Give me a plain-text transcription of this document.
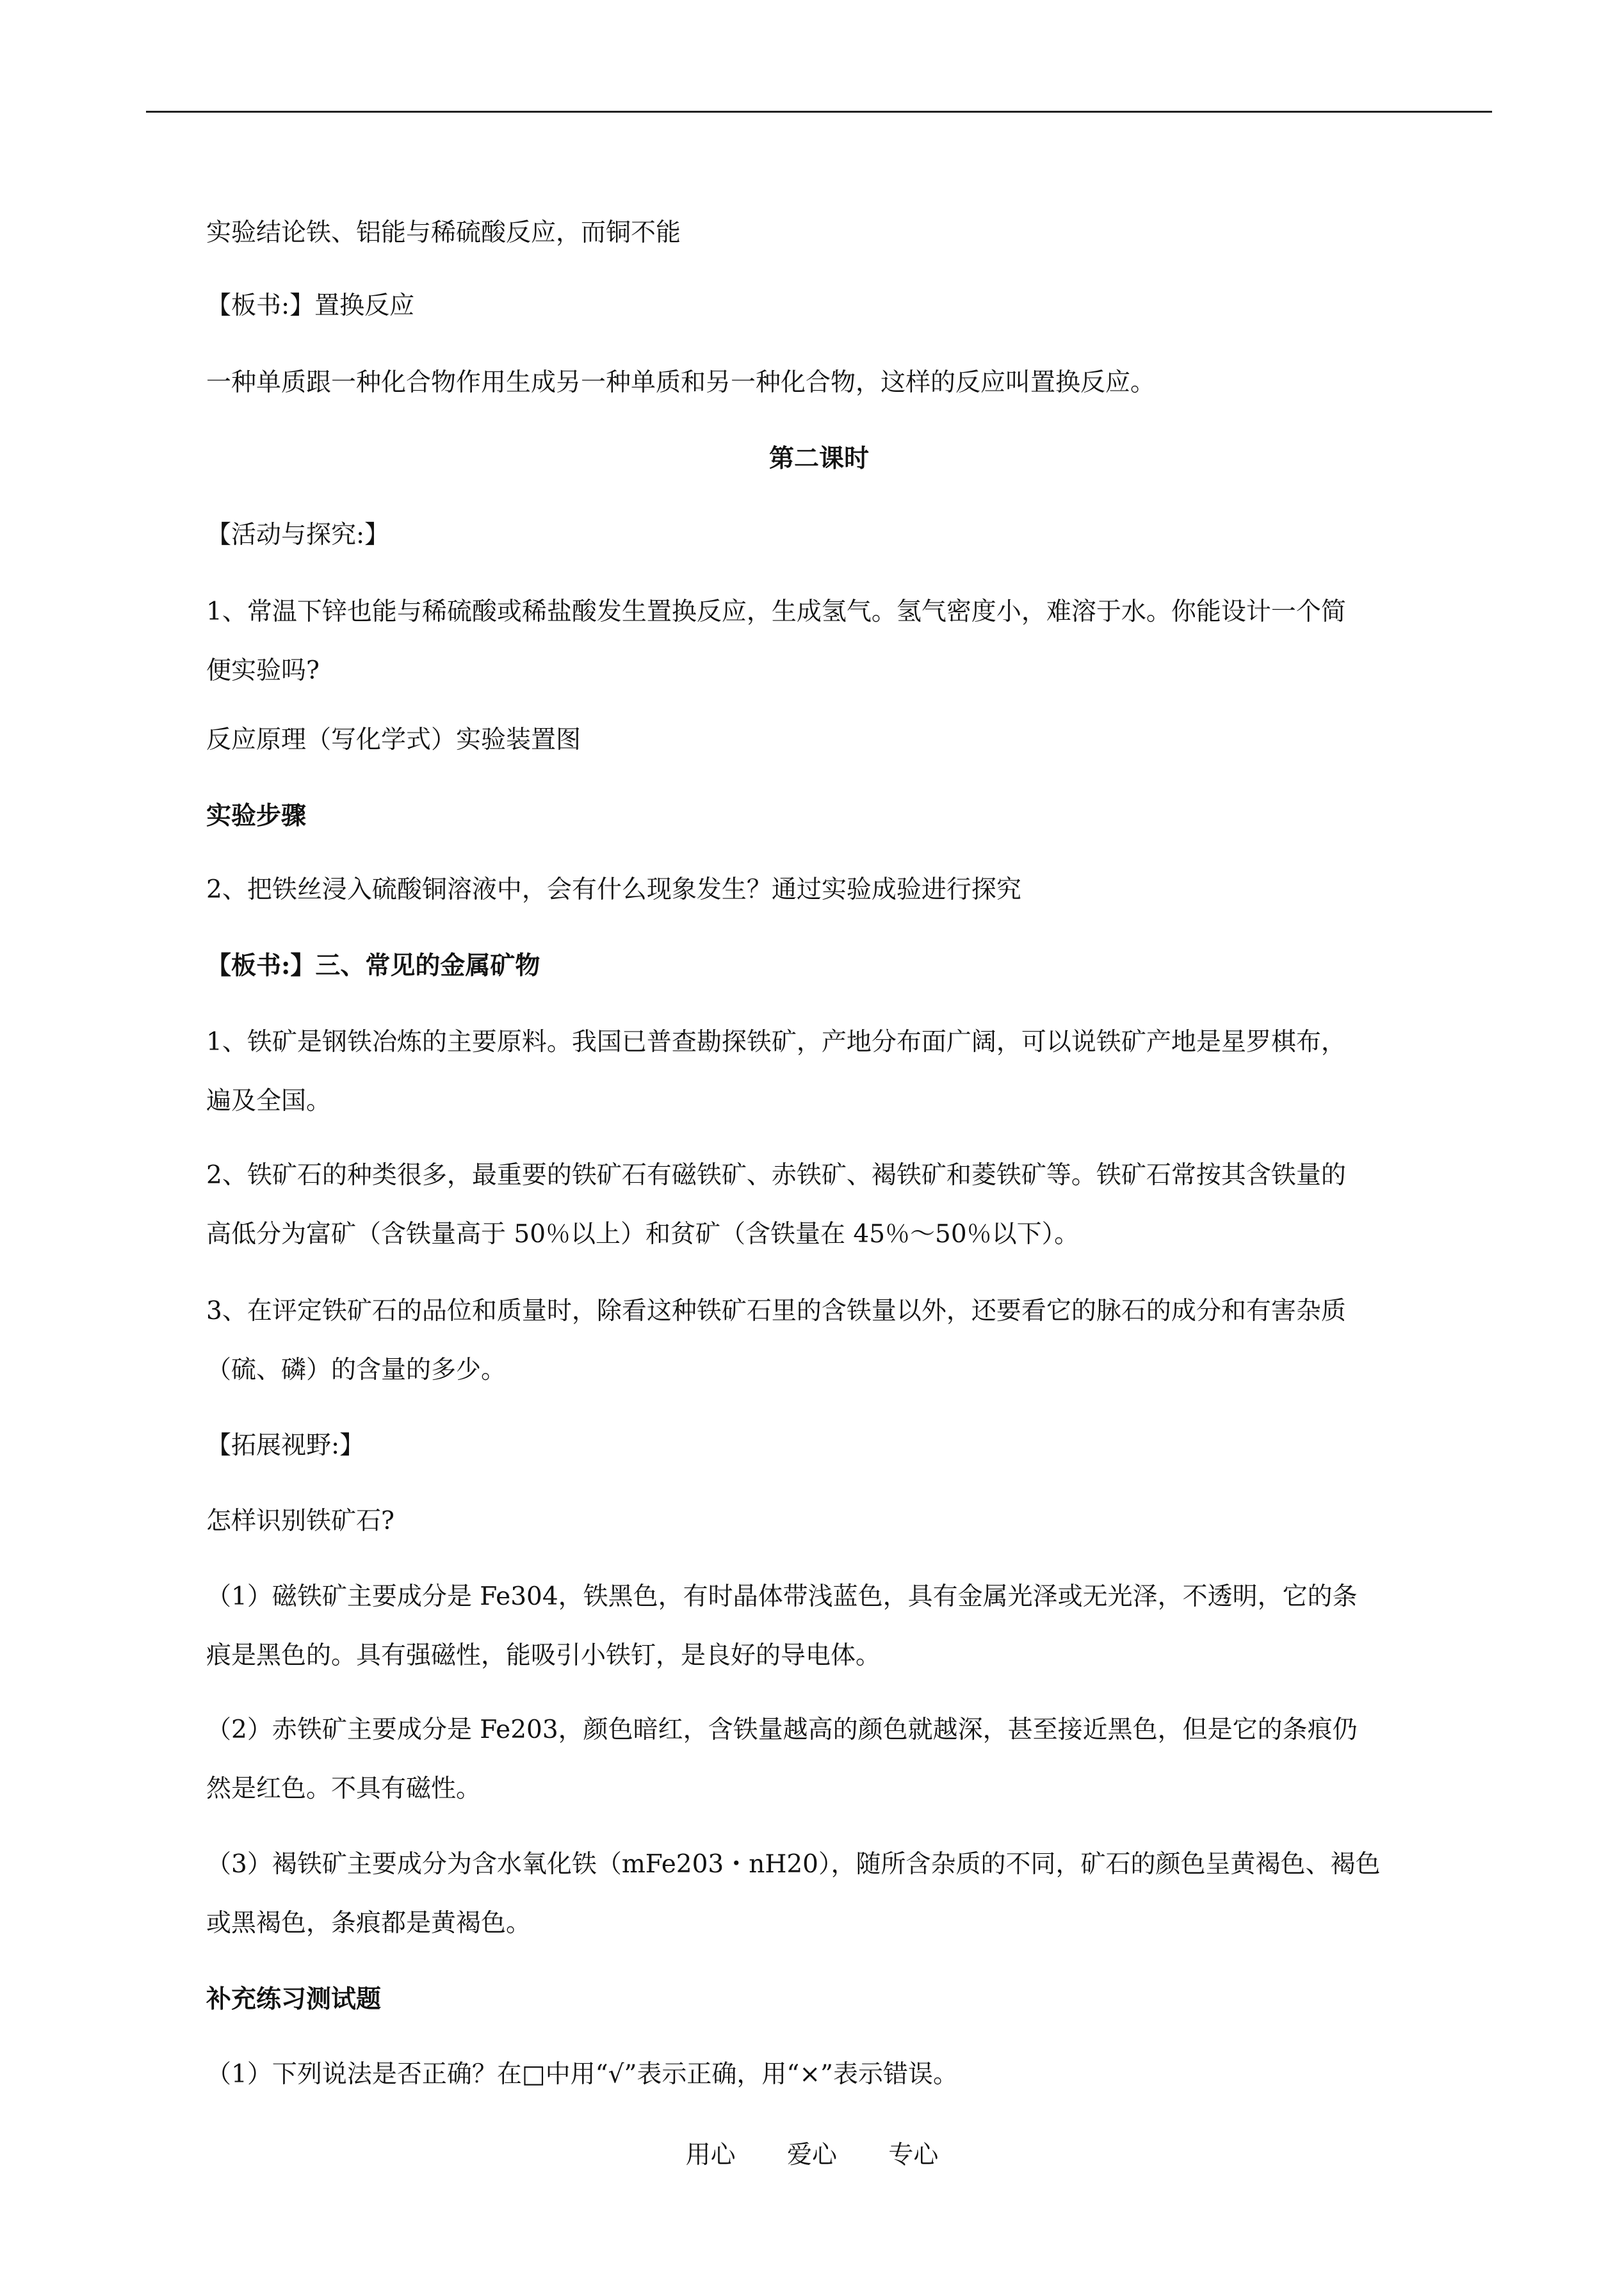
实验结论铁、铝能与稀硫酸反应，而铜不能
【板书:】置换反应
一种单质跟一种化合物作用生成另一种单质和另一种化合物，这样的反应叫置换反应。
第二课时
【活动与探究:】
1、常温下锌也能与稀硫酸或稀盐酸发生置换反应，生成氢气。氢气密度小，难溶于水。你能设计一个简
便实验吗?
反应原理（写化学式）实验装置图
实验步骤
2、把铁丝浸入硫酸铜溶液中，会有什么现象发生？通过实验成验进行探究
【板书:】三、常见的金属矿物
1、铁矿是钢铁冶炼的主要原料。我国已普查勘探铁矿，产地分布面广阔，可以说铁矿产地是星罗棋布，
遍及全国。
2、铁矿石的种类很多，最重要的铁矿石有磁铁矿、赤铁矿、褐铁矿和菱铁矿等。铁矿石常按其含铁量的
高低分为富矿（含铁量高于 50％以上）和贫矿（含铁量在 45％～50％以下）。
3、在评定铁矿石的品位和质量时，除看这种铁矿石里的含铁量以外，还要看它的脉石的成分和有害杂质
（硫、磷）的含量的多少。
【拓展视野:】
怎样识别铁矿石?
（1）磁铁矿主要成分是 Fe304，铁黑色，有时晶体带浅蓝色，具有金属光泽或无光泽，不透明，它的条
痕是黑色的。具有强磁性，能吸引小铁钉，是良好的导电体。
（2）赤铁矿主要成分是 Fe203，颜色暗红，含铁量越高的颜色就越深，甚至接近黑色，但是它的条痕仍
然是红色。不具有磁性。
（3）褐铁矿主要成分为含水氧化铁（mFe203・nH20），随所含杂质的不同，矿石的颜色呈黄褐色、褐色
或黑褐色，条痕都是黄褐色。
补充练习测试题
（1）下列说法是否正确？在□中用“√”表示正确，用“×”表示错误。
用心 爱心 专心
